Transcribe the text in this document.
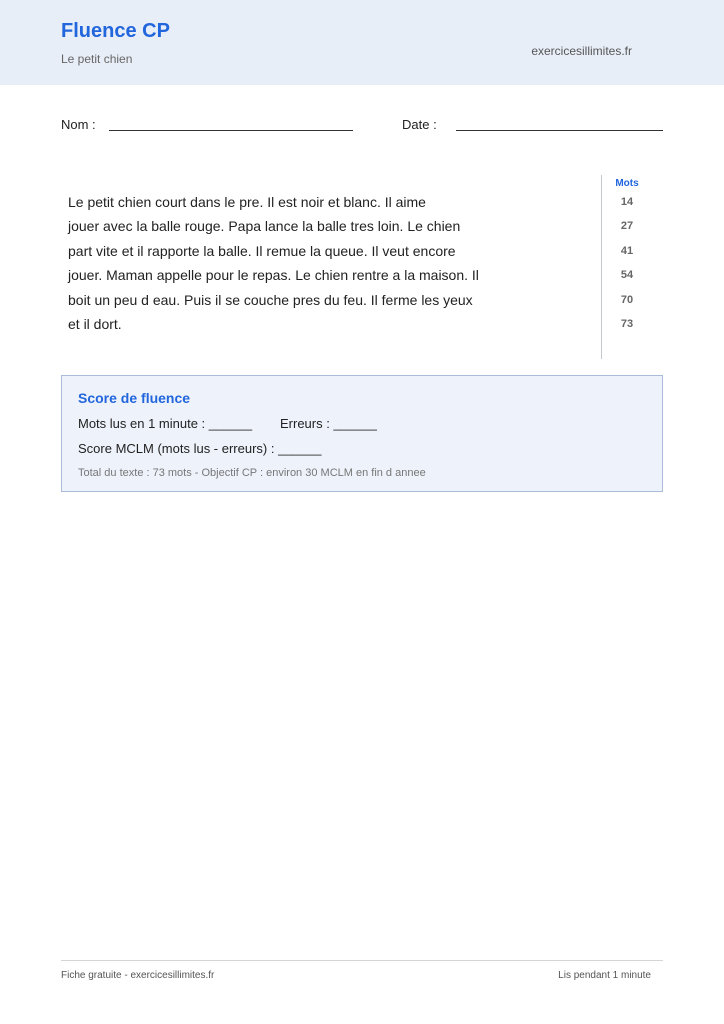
Fluence CP
Le petit chien
exercicesillimites.fr
Nom :	Date :
Le petit chien court dans le pre. Il est noir et blanc. Il aime
jouer avec la balle rouge. Papa lance la balle tres loin. Le chien
part vite et il rapporte la balle. Il remue la queue. Il veut encore
jouer. Maman appelle pour le repas. Le chien rentre a la maison. Il
boit un peu d eau. Puis il se couche pres du feu. Il ferme les yeux
et il dort.
Mots
14
27
41
54
70
73
Score de fluence
Mots lus en 1 minute : ______ Erreurs : ______
Score MCLM (mots lus - erreurs) : ______
Total du texte : 73 mots - Objectif CP : environ 30 MCLM en fin d annee
Fiche gratuite - exercicesillimites.fr	Lis pendant 1 minute
